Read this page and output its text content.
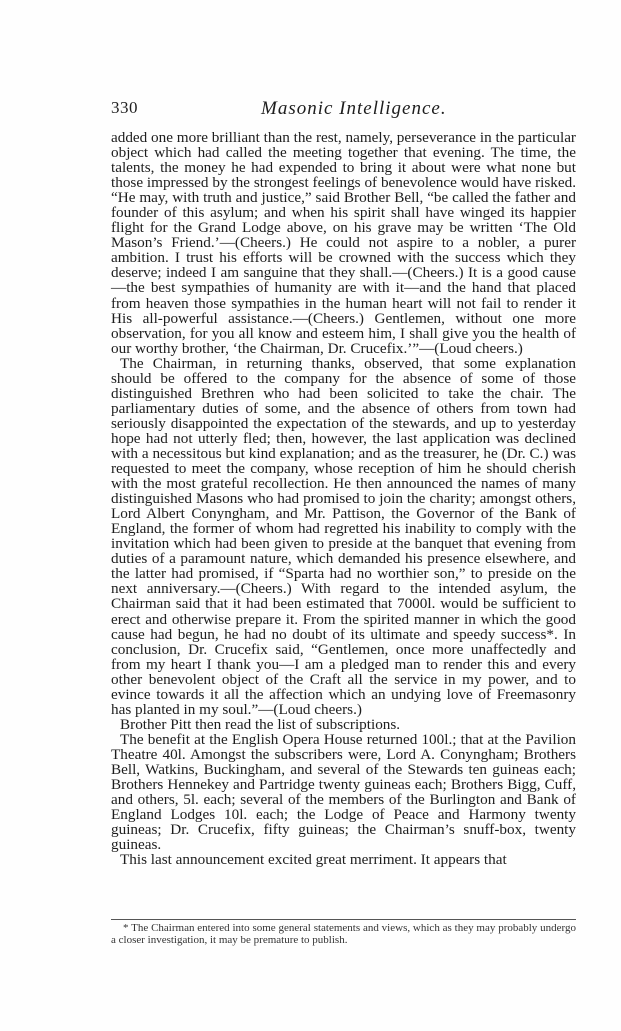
330	Masonic Intelligence.

added one more brilliant than the rest, namely, perseverance in the particular object which had called the meeting together that evening. The time, the talents, the money he had expended to bring it about were what none but those impressed by the strongest feelings of benevolence would have risked. “He may, with truth and justice,” said Brother Bell, “be called the father and founder of this asylum; and when his spirit shall have winged its happier flight for the Grand Lodge above, on his grave may be written ‘The Old Mason’s Friend.’—(Cheers.) He could not aspire to a nobler, a purer ambition. I trust his efforts will be crowned with the success which they deserve; indeed I am sanguine that they shall.—(Cheers.) It is a good cause—the best sympathies of humanity are with it—and the hand that placed from heaven those sympathies in the human heart will not fail to render it His all-powerful assistance.—(Cheers.) Gentlemen, without one more observation, for you all know and esteem him, I shall give you the health of our worthy brother, ‘the Chairman, Dr. Crucefix.’”—(Loud cheers.)

The Chairman, in returning thanks, observed, that some explanation should be offered to the company for the absence of some of those distinguished Brethren who had been solicited to take the chair. The parliamentary duties of some, and the absence of others from town had seriously disappointed the expectation of the stewards, and up to yesterday hope had not utterly fled; then, however, the last application was declined with a necessitous but kind explanation; and as the treasurer, he (Dr. C.) was requested to meet the company, whose reception of him he should cherish with the most grateful recollection. He then announced the names of many distinguished Masons who had promised to join the charity; amongst others, Lord Albert Conyngham, and Mr. Pattison, the Governor of the Bank of England, the former of whom had regretted his inability to comply with the invitation which had been given to preside at the banquet that evening from duties of a paramount nature, which demanded his presence elsewhere, and the latter had promised, if “Sparta had no worthier son,” to preside on the next anniversary.—(Cheers.) With regard to the intended asylum, the Chairman said that it had been estimated that 7000l. would be sufficient to erect and otherwise prepare it. From the spirited manner in which the good cause had begun, he had no doubt of its ultimate and speedy success*. In conclusion, Dr. Crucefix said, “Gentlemen, once more unaffectedly and from my heart I thank you—I am a pledged man to render this and every other benevolent object of the Craft all the service in my power, and to evince towards it all the affection which an undying love of Freemasonry has planted in my soul.”—(Loud cheers.)

Brother Pitt then read the list of subscriptions.

The benefit at the English Opera House returned 100l.; that at the Pavilion Theatre 40l. Amongst the subscribers were, Lord A. Conyngham; Brothers Bell, Watkins, Buckingham, and several of the Stewards ten guineas each; Brothers Hennekey and Partridge twenty guineas each; Brothers Bigg, Cuff, and others, 5l. each; several of the members of the Burlington and Bank of England Lodges 10l. each; the Lodge of Peace and Harmony twenty guineas; Dr. Crucefix, fifty guineas; the Chairman’s snuff-box, twenty guineas.

This last announcement excited great merriment. It appears that

* The Chairman entered into some general statements and views, which as they may probably undergo a closer investigation, it may be premature to publish.
